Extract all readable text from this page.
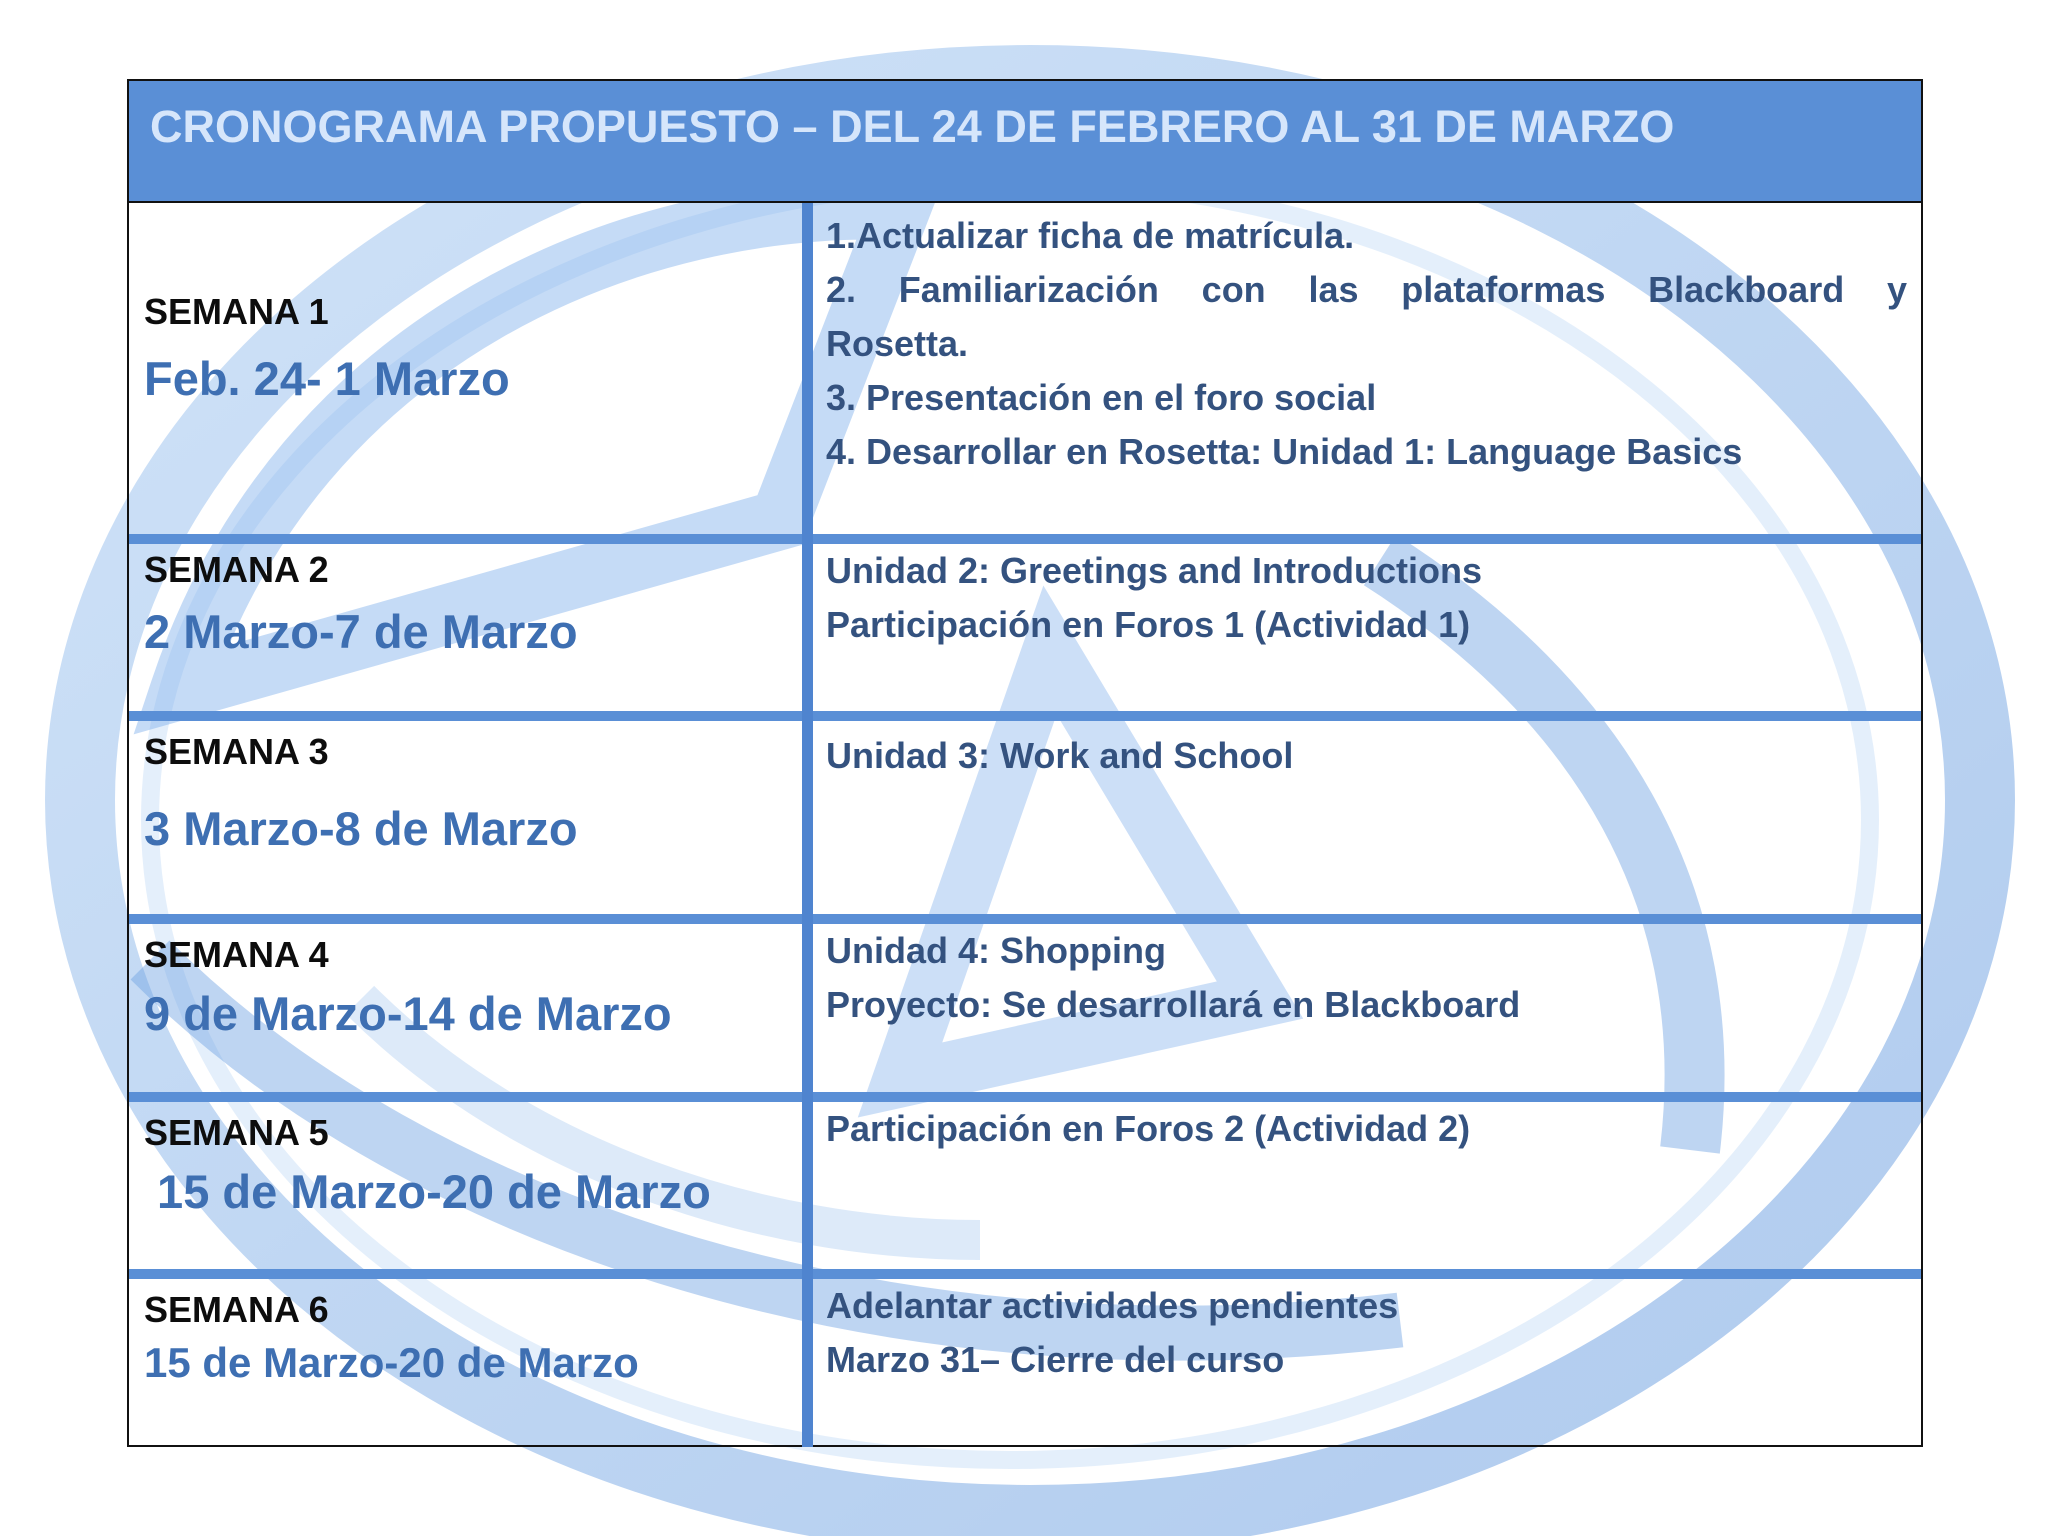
CRONOGRAMA PROPUESTO – DEL 24 DE FEBRERO AL 31 DE MARZO
SEMANA 1
Feb. 24- 1 Marzo
1.Actualizar ficha de matrícula.
2. Familiarización con las plataformas Blackboard y
Rosetta.
3. Presentación en el foro social
4. Desarrollar en Rosetta: Unidad 1: Language Basics
SEMANA 2
2 Marzo-7 de Marzo
Unidad 2: Greetings and Introductions
Participación en Foros 1 (Actividad 1)
SEMANA 3
3 Marzo-8 de Marzo
Unidad 3: Work and School
SEMANA 4
9 de Marzo-14 de Marzo
Unidad 4: Shopping
Proyecto: Se desarrollará en Blackboard
SEMANA 5
15 de Marzo-20 de Marzo
Participación en Foros 2 (Actividad 2)
SEMANA 6
15 de Marzo-20 de Marzo
Adelantar actividades pendientes
Marzo 31– Cierre del curso
